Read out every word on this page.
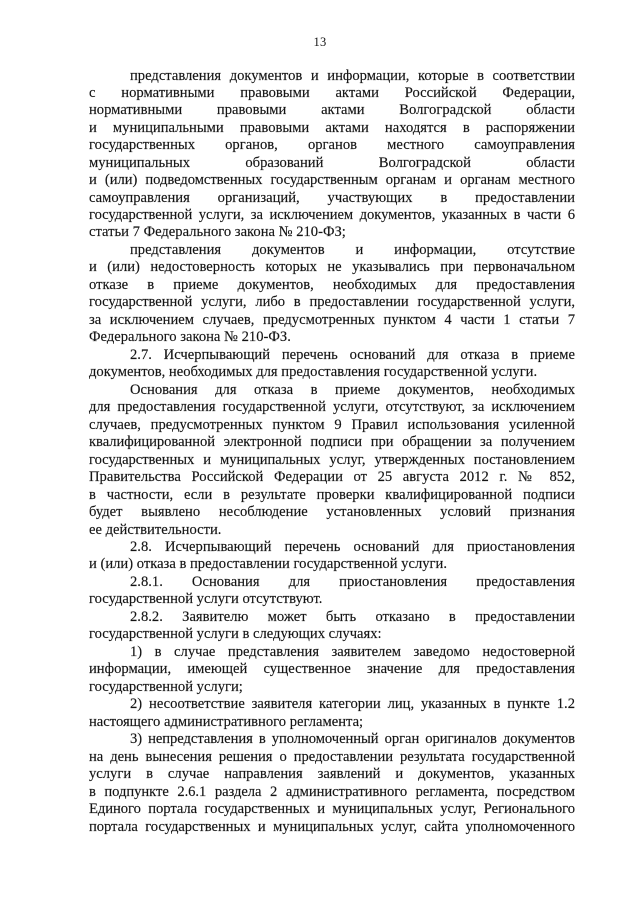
13
представления документов и информации, которые в соответствии
с нормативными правовыми актами Российской Федерации,
нормативными правовыми актами Волгоградской области
и муниципальными правовыми актами находятся в распоряжении
государственных органов, органов местного самоуправления
муниципальных образований Волгоградской области
и (или) подведомственных государственным органам и органам местного
самоуправления организаций, участвующих в предоставлении
государственной услуги, за исключением документов, указанных в части 6
статьи 7 Федерального закона № 210-ФЗ;
представления документов и информации, отсутствие
и (или) недостоверность которых не указывались при первоначальном
отказе в приеме документов, необходимых для предоставления
государственной услуги, либо в предоставлении государственной услуги,
за исключением случаев, предусмотренных пунктом 4 части 1 статьи 7
Федерального закона № 210-ФЗ.
2.7. Исчерпывающий перечень оснований для отказа в приеме
документов, необходимых для предоставления государственной услуги.
Основания для отказа в приеме документов, необходимых
для предоставления государственной услуги, отсутствуют, за исключением
случаев, предусмотренных пунктом 9 Правил использования усиленной
квалифицированной электронной подписи при обращении за получением
государственных и муниципальных услуг, утвержденных постановлением
Правительства Российской Федерации от 25 августа 2012 г. № 852,
в частности, если в результате проверки квалифицированной подписи
будет выявлено несоблюдение установленных условий признания
ее действительности.
2.8. Исчерпывающий перечень оснований для приостановления
и (или) отказа в предоставлении государственной услуги.
2.8.1. Основания для приостановления предоставления
государственной услуги отсутствуют.
2.8.2. Заявителю может быть отказано в предоставлении
государственной услуги в следующих случаях:
1) в случае представления заявителем заведомо недостоверной
информации, имеющей существенное значение для предоставления
государственной услуги;
2) несоответствие заявителя категории лиц, указанных в пункте 1.2
настоящего административного регламента;
3) непредставления в уполномоченный орган оригиналов документов
на день вынесения решения о предоставлении результата государственной
услуги в случае направления заявлений и документов, указанных
в подпункте 2.6.1 раздела 2 административного регламента, посредством
Единого портала государственных и муниципальных услуг, Регионального
портала государственных и муниципальных услуг, сайта уполномоченного
